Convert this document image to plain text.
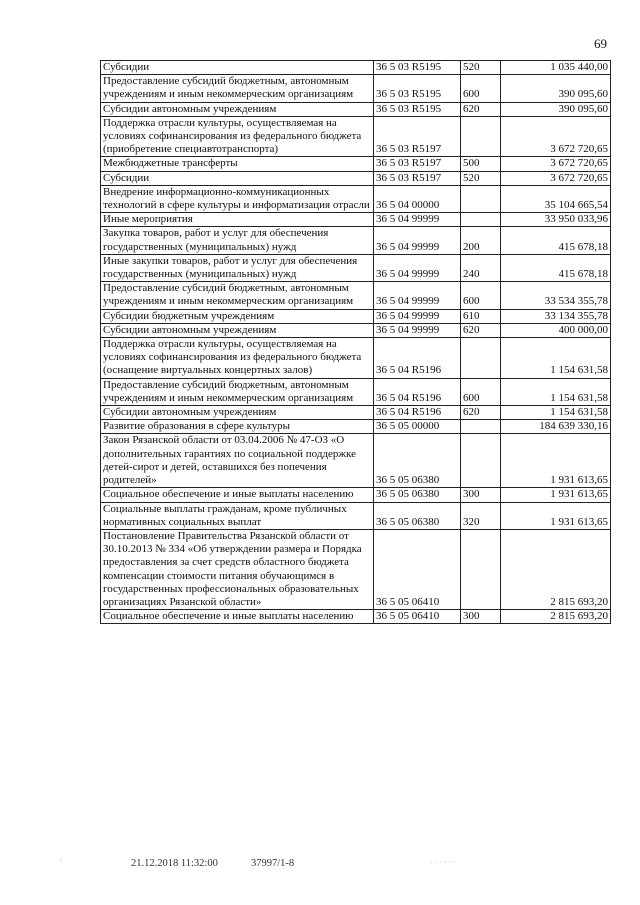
69
Субсидии	36 5 03 R5195	520	1 035 440,00
Предоставление субсидий бюджетным, автономным учреждениям и иным некоммерческим организациям	36 5 03 R5195	600	390 095,60
Субсидии автономным учреждениям	36 5 03 R5195	620	390 095,60
Поддержка отрасли культуры, осуществляемая на условиях софинансирования из федерального бюджета (приобретение специавтотранспорта)	36 5 03 R5197		3 672 720,65
Межбюджетные трансферты	36 5 03 R5197	500	3 672 720,65
Субсидии	36 5 03 R5197	520	3 672 720,65
Внедрение информационно-коммуникационных технологий в сфере культуры и информатизация отрасли	36 5 04 00000		35 104 665,54
Иные мероприятия	36 5 04 99999		33 950 033,96
Закупка товаров, работ и услуг для обеспечения государственных (муниципальных) нужд	36 5 04 99999	200	415 678,18
Иные закупки товаров, работ и услуг для обеспечения государственных (муниципальных) нужд	36 5 04 99999	240	415 678,18
Предоставление субсидий бюджетным, автономным учреждениям и иным некоммерческим организациям	36 5 04 99999	600	33 534 355,78
Субсидии бюджетным учреждениям	36 5 04 99999	610	33 134 355,78
Субсидии автономным учреждениям	36 5 04 99999	620	400 000,00
Поддержка отрасли культуры, осуществляемая на условиях софинансирования из федерального бюджета (оснащение виртуальных концертных залов)	36 5 04 R5196		1 154 631,58
Предоставление субсидий бюджетным, автономным учреждениям и иным некоммерческим организациям	36 5 04 R5196	600	1 154 631,58
Субсидии автономным учреждениям	36 5 04 R5196	620	1 154 631,58
Развитие образования в сфере культуры	36 5 05 00000		184 639 330,16
Закон Рязанской области от 03.04.2006 № 47-ОЗ «О дополнительных гарантиях по социальной поддержке детей-сирот и детей, оставшихся без попечения родителей»	36 5 05 06380		1 931 613,65
Социальное обеспечение и иные выплаты населению	36 5 05 06380	300	1 931 613,65
Социальные выплаты гражданам, кроме публичных нормативных социальных выплат	36 5 05 06380	320	1 931 613,65
Постановление Правительства Рязанской области от 30.10.2013 № 334 «Об утверждении размера и Порядка предоставления за счет средств областного бюджета компенсации стоимости питания обучающимся в государственных профессиональных образовательных организациях Рязанской области»	36 5 05 06410		2 815 693,20
Социальное обеспечение и иные выплаты населению	36 5 05 06410	300	2 815 693,20
21.12.2018 11:32:00	37997/1-8
·:	· · · · · ·
